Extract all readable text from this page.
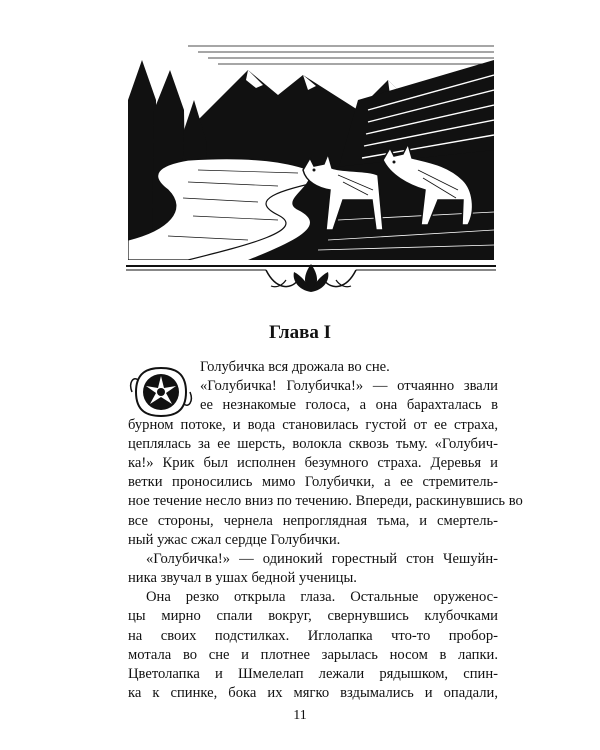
Глава I
Голубичка вся дрожала во сне.
«Голубичка! Голубичка!» — отчаянно звали
ее незнакомые голоса, а она барахталась в
бурном потоке, и вода становилась густой от ее страха,
цеплялась за ее шерсть, волокла сквозь тьму. «Голубич-
ка!» Крик был исполнен безумного страха. Деревья и
ветки проносились мимо Голубички, а ее стремитель-
ное течение несло вниз по течению. Впереди, раскинувшись во
все стороны, чернела непроглядная тьма, и смертель-
ный ужас сжал сердце Голубички.
«Голубичка!» — одинокий горестный стон Чешуйн-
ника звучал в ушах бедной ученицы.
Она резко открыла глаза. Остальные оруженос-
цы мирно спали вокруг, свернувшись клубочками
на своих подстилках. Иглолапка что-то пробор-
мотала во сне и плотнее зарылась носом в лапки.
Цветолапка и Шмелелап лежали рядышком, спин-
ка к спинке, бока их мягко вздымались и опадали,
11
